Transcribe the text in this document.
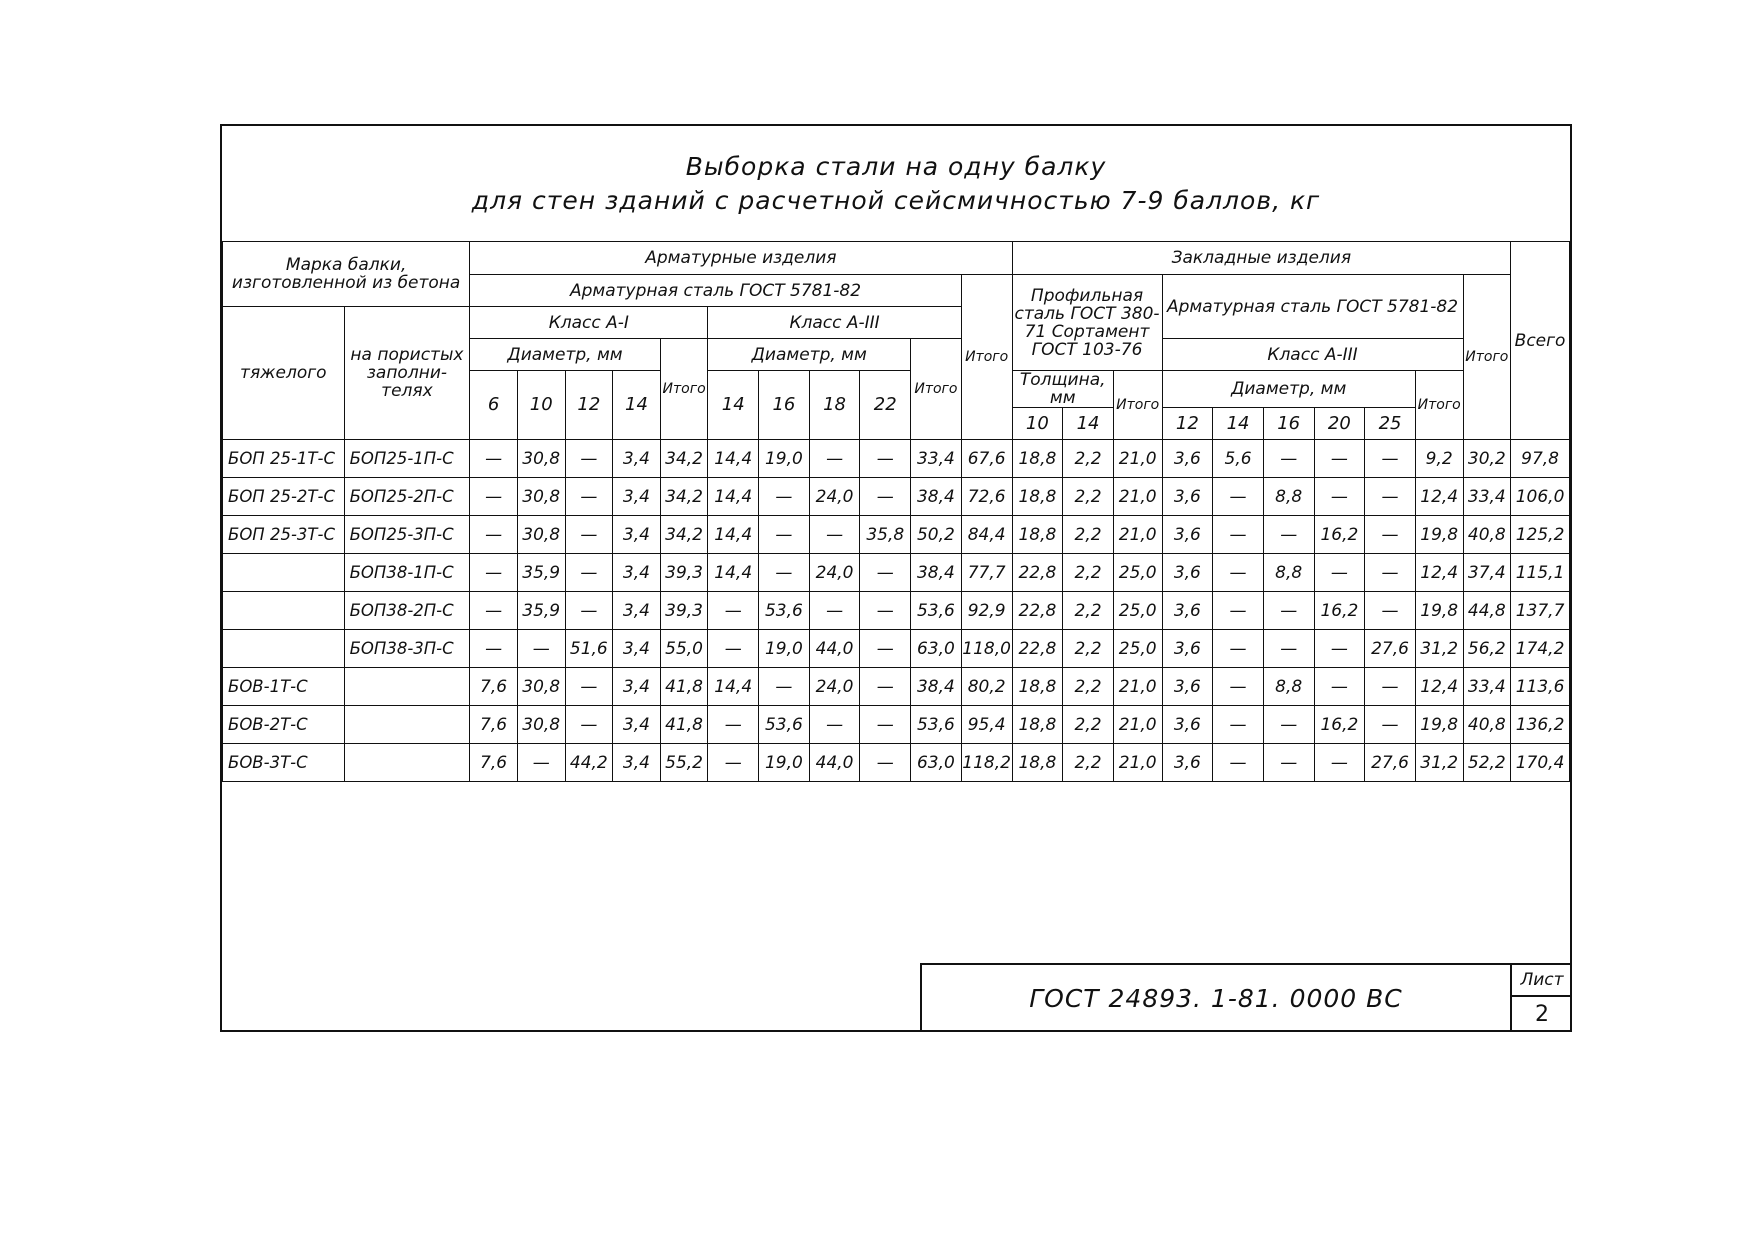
Выборка стали на одну балку
для стен зданий с расчетной сейсмичностью 7-9 баллов, кг
Марка балки, изготовленной из бетона		Арматурные изделия											Закладные изделия										Всего
		Арматурная сталь ГОСТ 5781-82										Итого	Профильная сталь ГОСТ 380-71 Сортамент ГОСТ 103-76			Арматурная сталь ГОСТ 5781-82						Итого	
тяжелого	на пористых заполни-телях	Класс А-I					Класс А-III																
		Диаметр, мм				Итого	Диаметр, мм				Итого					Класс А-III							
		6	10	12	14		14	16	18	22			Толщина, мм		Итого	Диаметр, мм					Итого		
													10	14		12	14	16	20	25			
БОП 25-1Т-С	БОП25-1П-С	—	30,8	—	3,4	34,2	14,4	19,0	—	—	33,4	67,6	18,8	2,2	21,0	3,6	5,6	—	—	—	9,2	30,2	97,8
БОП 25-2Т-С	БОП25-2П-С	—	30,8	—	3,4	34,2	14,4	—	24,0	—	38,4	72,6	18,8	2,2	21,0	3,6	—	8,8	—	—	12,4	33,4	106,0
БОП 25-3Т-С	БОП25-3П-С	—	30,8	—	3,4	34,2	14,4	—	—	35,8	50,2	84,4	18,8	2,2	21,0	3,6	—	—	16,2	—	19,8	40,8	125,2
	БОП38-1П-С	—	35,9	—	3,4	39,3	14,4	—	24,0	—	38,4	77,7	22,8	2,2	25,0	3,6	—	8,8	—	—	12,4	37,4	115,1
	БОП38-2П-С	—	35,9	—	3,4	39,3	—	53,6	—	—	53,6	92,9	22,8	2,2	25,0	3,6	—	—	16,2	—	19,8	44,8	137,7
	БОП38-3П-С	—	—	51,6	3,4	55,0	—	19,0	44,0	—	63,0	118,0	22,8	2,2	25,0	3,6	—	—	—	27,6	31,2	56,2	174,2
БОВ-1Т-С		7,6	30,8	—	3,4	41,8	14,4	—	24,0	—	38,4	80,2	18,8	2,2	21,0	3,6	—	8,8	—	—	12,4	33,4	113,6
БОВ-2Т-С		7,6	30,8	—	3,4	41,8	—	53,6	—	—	53,6	95,4	18,8	2,2	21,0	3,6	—	—	16,2	—	19,8	40,8	136,2
БОВ-3Т-С		7,6	—	44,2	3,4	55,2	—	19,0	44,0	—	63,0	118,2	18,8	2,2	21,0	3,6	—	—	—	27,6	31,2	52,2	170,4
ГОСТ 24893. 1-81. 0000 ВС
Лист
2
